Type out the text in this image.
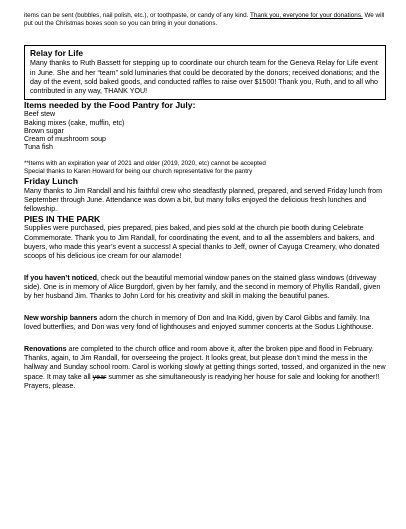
items can be sent (bubbles, nail polish, etc.), or toothpaste, or candy of any kind. Thank you, everyone for your donations. We will put out the Christmas boxes soon so you can bring in your donations.

Relay for Life

Many thanks to Ruth Bassett for stepping up to coordinate our church team for the Geneva Relay for Life event in June. She and her “team” sold luminaries that could be decorated by the donors; received donations; and the day of the event, sold baked goods, and conducted raffles to raise over $1500! Thank you, Ruth, and to all who contributed in any way, THANK YOU!

Items needed by the Food Pantry for July:
Beef stew
Baking mixes (cake, muffin, etc)
Brown sugar
Cream of mushroom soup
Tuna fish

**Items with an expiration year of 2021 and older (2019, 2020, etc) cannot be accepted

Special thanks to Karen Howard for being our church representative for the pantry

Friday Lunch

Many thanks to Jim Randall and his faithful crew who steadfastly planned, prepared, and served Friday lunch from September through June. Attendance was down a bit, but many folks enjoyed the delicious fresh lunches and fellowship.

PIES IN THE PARK

Supplies were purchased, pies prepared, pies baked, and pies sold at the church pie booth during Celebrate Commemorate. Thank you to Jim Randall, for coordinating the event, and to all the assemblers and bakers, and buyers, who made this year’s event a success! A special thanks to Jeff, owner of Cayuga Creamery, who donated scoops of his delicious ice cream for our alamode!

If you haven’t noticed, check out the beautiful memorial window panes on the stained glass windows (driveway side). One is in memory of Alice Burgdorf, given by her family, and the second in memory of Phyllis Randall, given by her husband Jim. Thanks to John Lord for his creativity and skill in making the beautiful panes.

New worship banners adorn the church in memory of Don and Ina Kidd, given by Carol Gibbs and family. Ina loved butterflies, and Don was very fond of lighthouses and enjoyed summer concerts at the Sodus Lighthouse.

Renovations are completed to the church office and room above it, after the broken pipe and flood in February. Thanks, again, to Jim Randall, for overseeing the project. It looks great, but please don’t mind the mess in the hallway and Sunday school room. Carol is working slowly at getting things sorted, tossed, and organized in the new space. It may take all year summer as she simultaneously is readying her house for sale and looking for another!! Prayers, please.
